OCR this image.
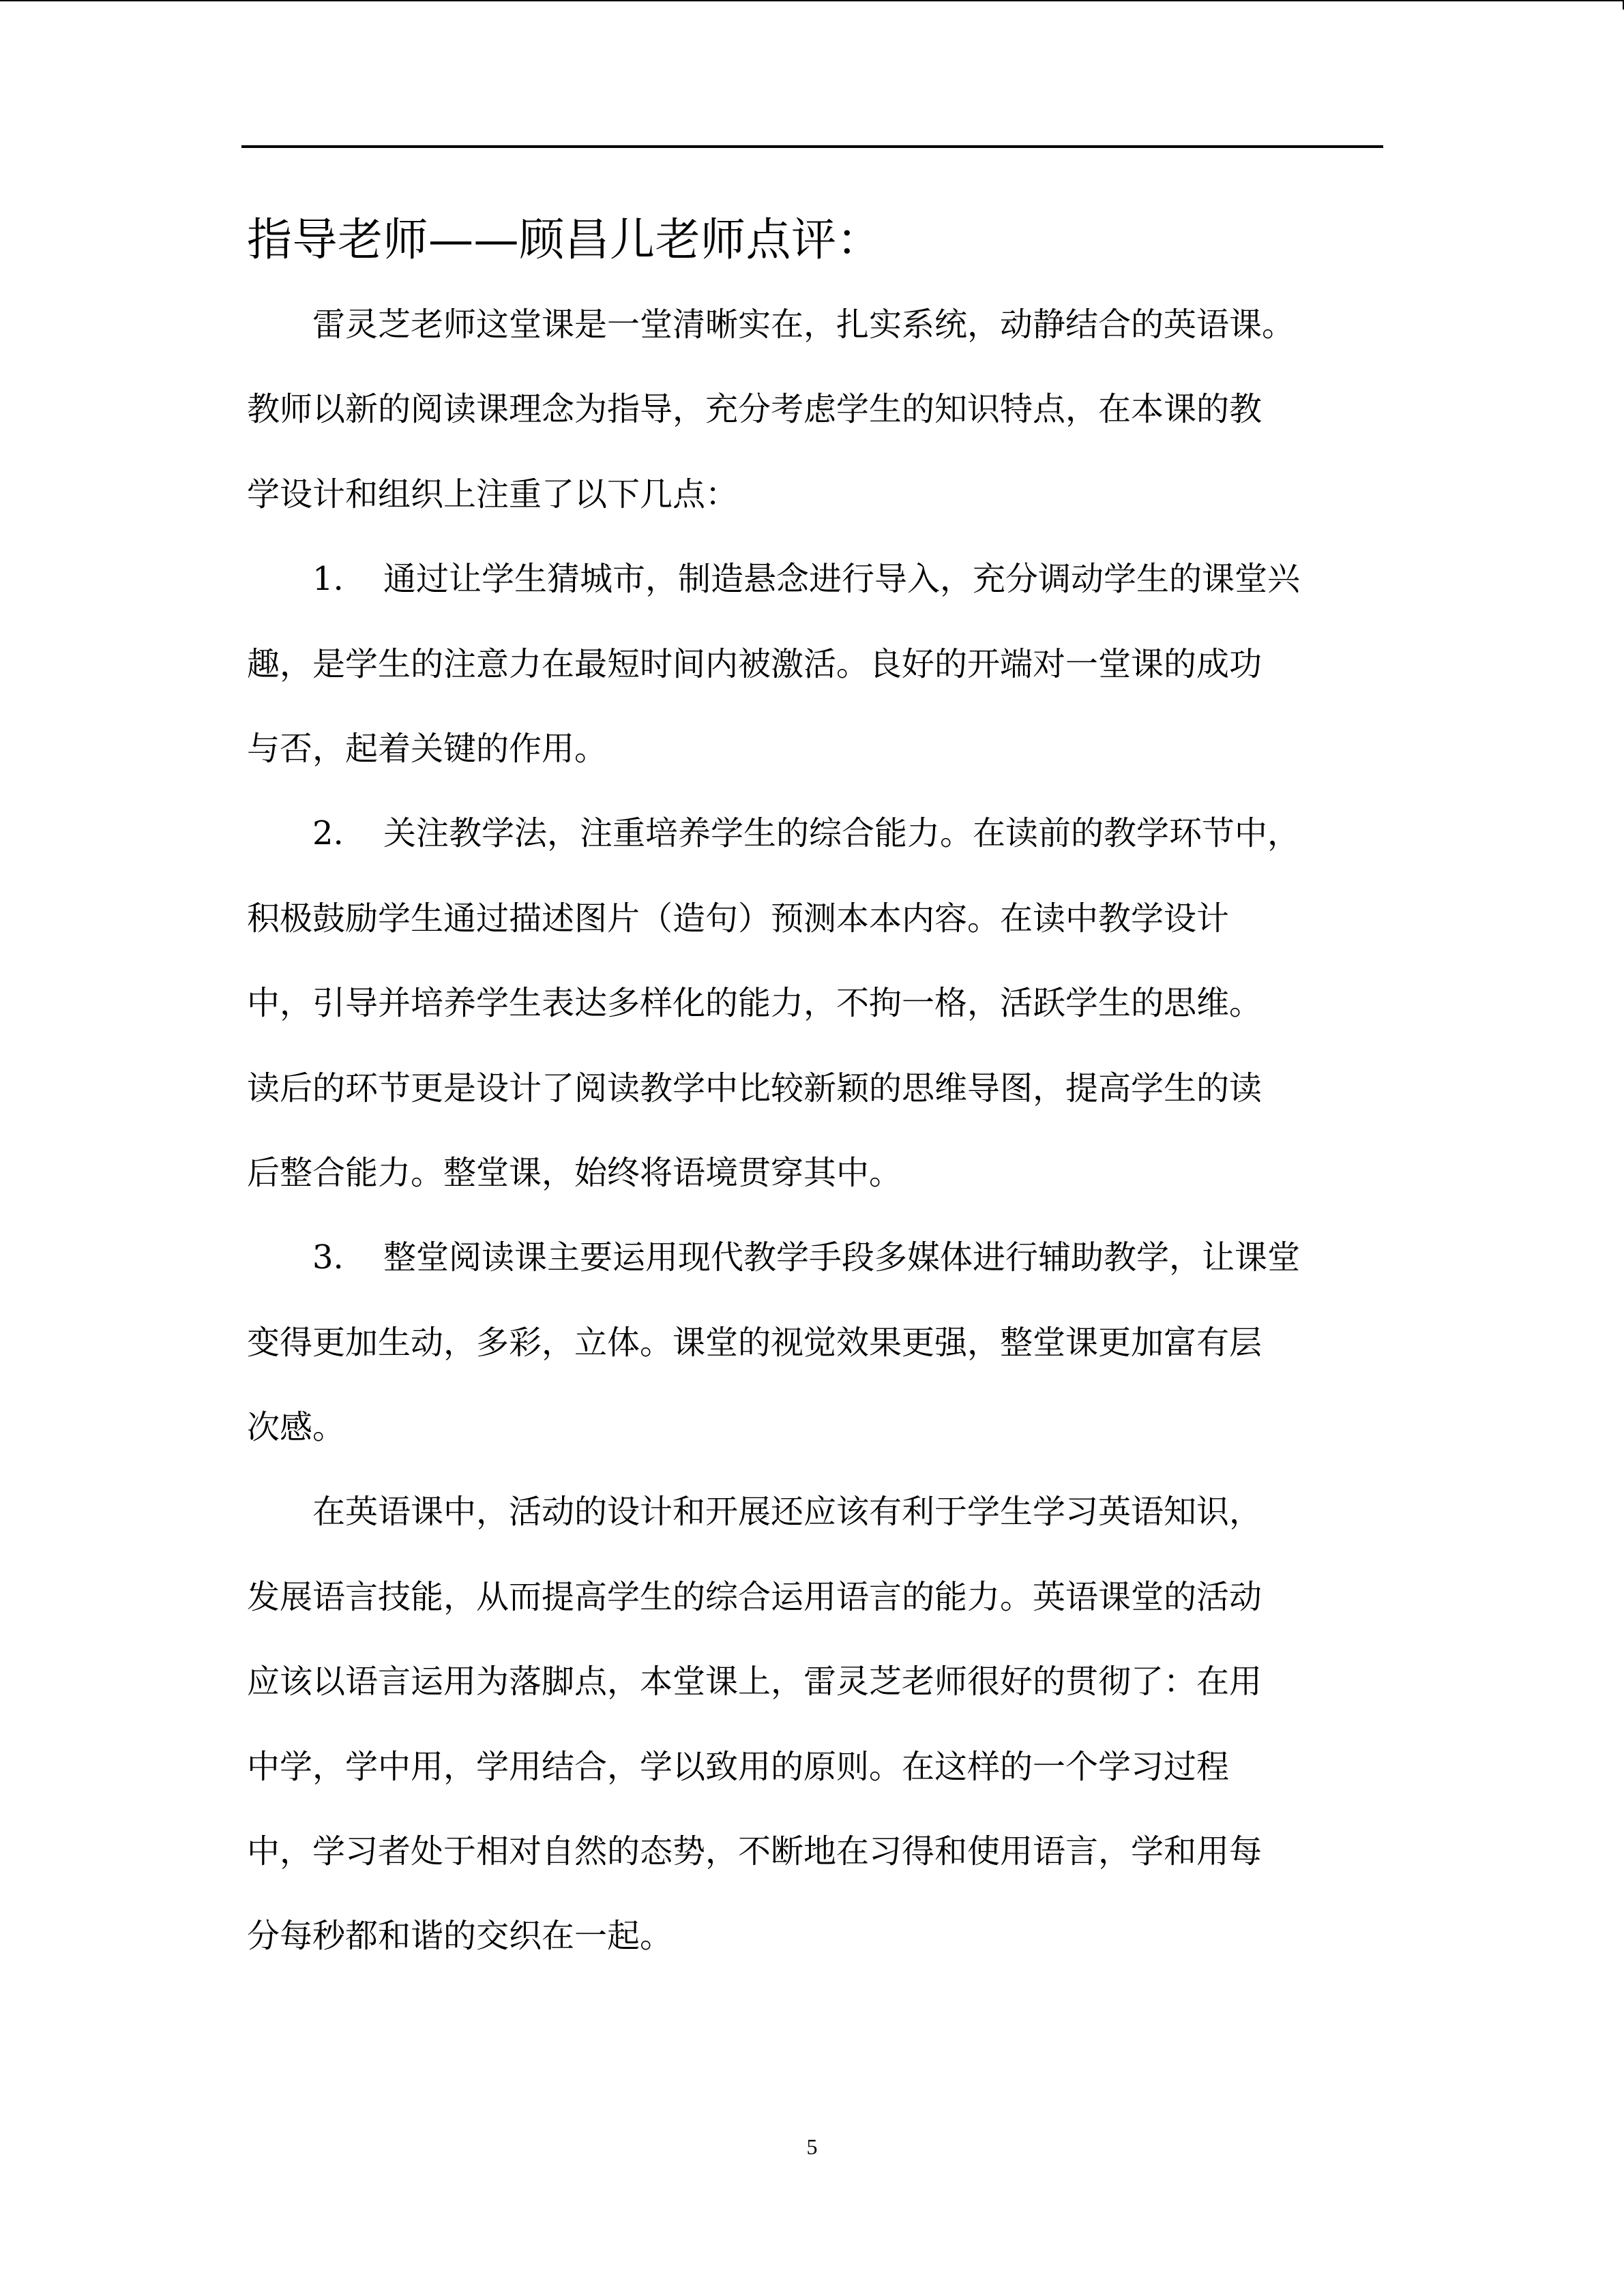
指导老师——顾昌儿老师点评：
雷灵芝老师这堂课是一堂清晰实在，扎实系统，动静结合的英语课。
教师以新的阅读课理念为指导，充分考虑学生的知识特点，在本课的教
学设计和组织上注重了以下几点：
1. 通过让学生猜城市，制造悬念进行导入，充分调动学生的课堂兴
趣，是学生的注意力在最短时间内被激活。良好的开端对一堂课的成功
与否，起着关键的作用。
2. 关注教学法，注重培养学生的综合能力。在读前的教学环节中，
积极鼓励学生通过描述图片（造句）预测本本内容。在读中教学设计
中，引导并培养学生表达多样化的能力，不拘一格，活跃学生的思维。
读后的环节更是设计了阅读教学中比较新颖的思维导图，提高学生的读
后整合能力。整堂课，始终将语境贯穿其中。
3. 整堂阅读课主要运用现代教学手段多媒体进行辅助教学，让课堂
变得更加生动，多彩，立体。课堂的视觉效果更强，整堂课更加富有层
次感。
在英语课中，活动的设计和开展还应该有利于学生学习英语知识，
发展语言技能，从而提高学生的综合运用语言的能力。英语课堂的活动
应该以语言运用为落脚点，本堂课上，雷灵芝老师很好的贯彻了：在用
中学，学中用，学用结合，学以致用的原则。在这样的一个学习过程
中，学习者处于相对自然的态势，不断地在习得和使用语言，学和用每
分每秒都和谐的交织在一起。
5
